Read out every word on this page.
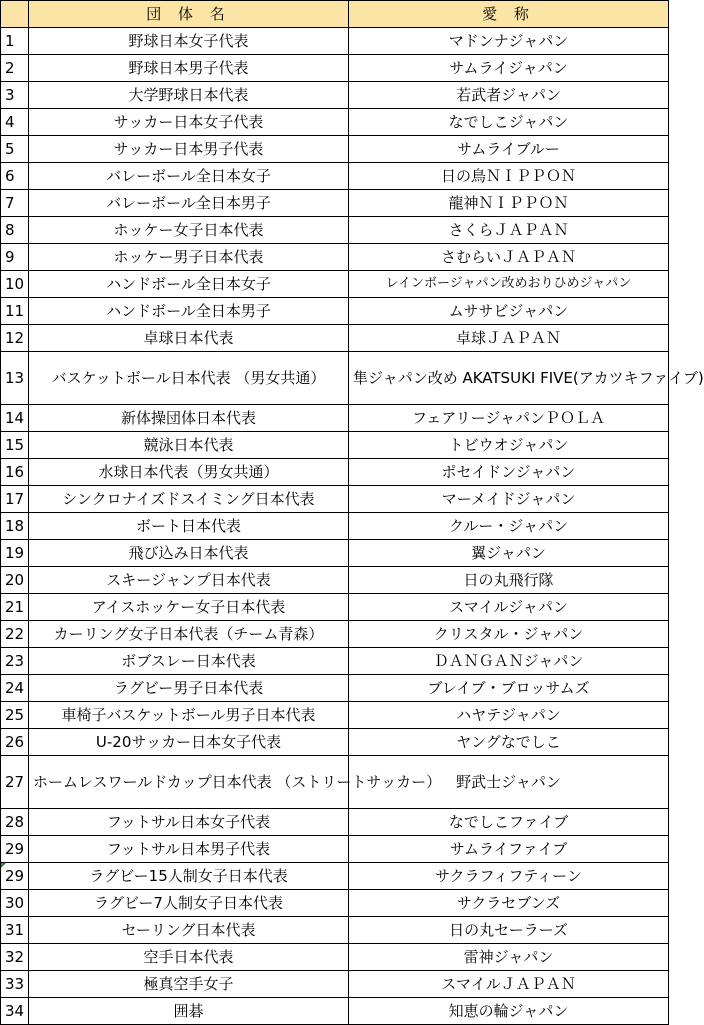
	団 体 名	愛 称
1	野球日本女子代表	マドンナジャパン
2	野球日本男子代表	サムライジャパン
3	大学野球日本代表	若武者ジャパン
4	サッカー日本女子代表	なでしこジャパン
5	サッカー日本男子代表	サムライブルー
6	バレーボール全日本女子	日の鳥ＮＩＰＰＯＮ
7	バレーボール全日本男子	龍神ＮＩＰＰＯＮ
8	ホッケー女子日本代表	さくらＪＡＰＡＮ
9	ホッケー男子日本代表	さむらいＪＡＰＡＮ
10	ハンドボール全日本女子	レインボージャパン改めおりひめジャパン
11	ハンドボール全日本男子	ムササビジャパン
12	卓球日本代表	卓球ＪＡＰＡＮ
13	バスケットボール日本代表 （男女共通）	隼ジャパン改め AKATSUKI FIVE(アカツキファイブ)
14	新体操団体日本代表	フェアリージャパンＰＯＬＡ
15	競泳日本代表	トビウオジャパン
16	水球日本代表（男女共通）	ポセイドンジャパン
17	シンクロナイズドスイミング日本代表	マーメイドジャパン
18	ボート日本代表	クルー・ジャパン
19	飛び込み日本代表	翼ジャパン
20	スキージャンプ日本代表	日の丸飛行隊
21	アイスホッケー女子日本代表	スマイルジャパン
22	カーリング女子日本代表（チーム青森）	クリスタル・ジャパン
23	ボブスレー日本代表	ＤＡＮＧＡＮジャパン
24	ラグビー男子日本代表	ブレイブ・ブロッサムズ
25	車椅子バスケットボール男子日本代表	ハヤテジャパン
26	U-20サッカー日本女子代表	ヤングなでしこ
27	ホームレスワールドカップ日本代表 （ストリートサッカー）	野武士ジャパン
28	フットサル日本女子代表	なでしこファイブ
29	フットサル日本男子代表	サムライファイブ
29	ラグビー15人制女子日本代表	サクラフィフティーン
30	ラグビー7人制女子日本代表	サクラセブンズ
31	セーリング日本代表	日の丸セーラーズ
32	空手日本代表	雷神ジャパン
33	極真空手女子	スマイルＪＡＰＡＮ
34	囲碁	知恵の輪ジャパン
